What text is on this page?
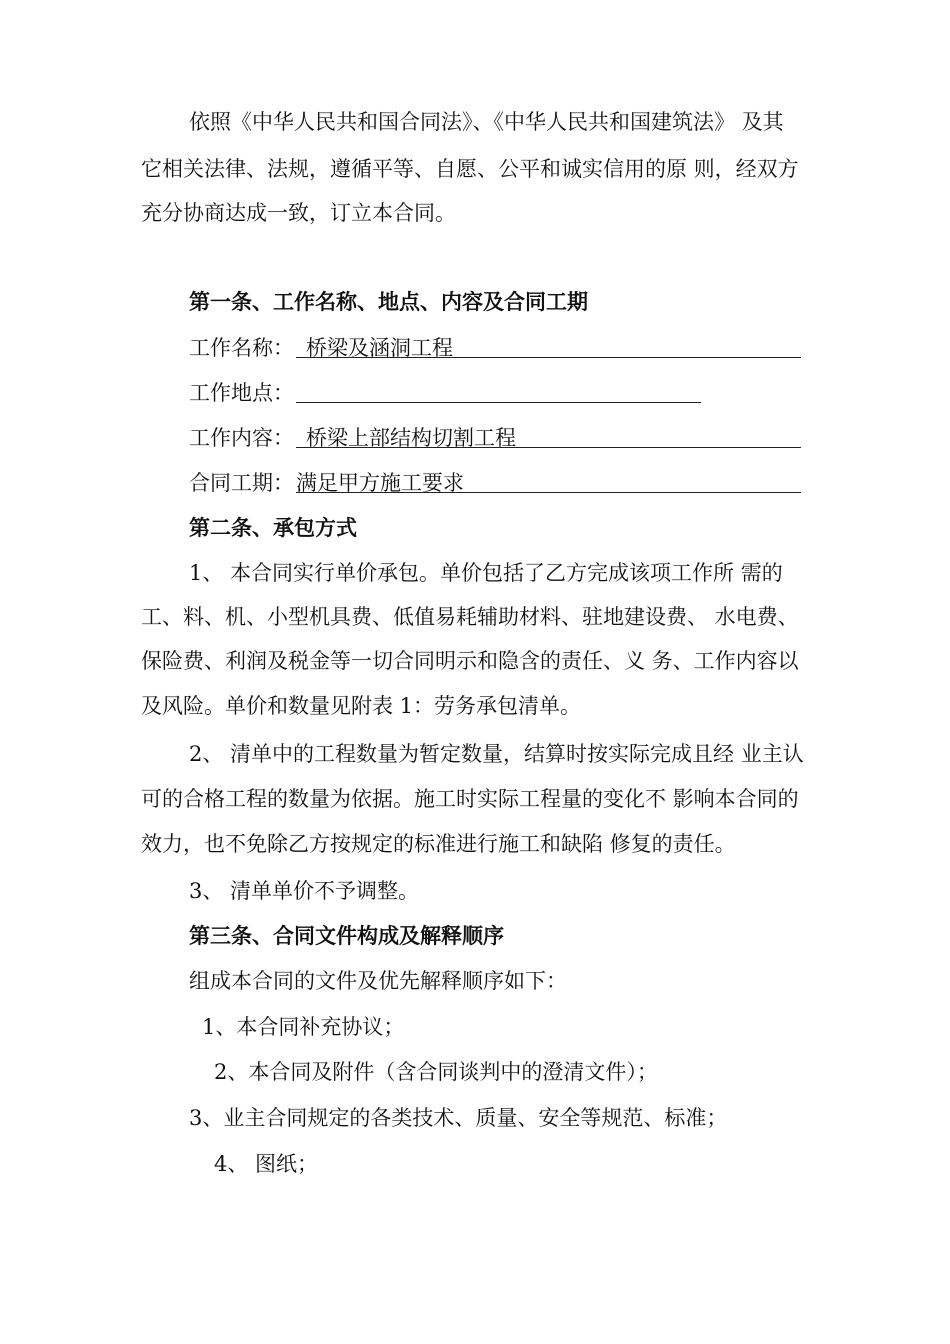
依照《中华人民共和国合同法》、《中华人民共和国建筑法》 及其
它相关法律、法规，遵循平等、自愿、公平和诚实信用的原 则，经双方
充分协商达成一致，订立本合同。
第一条、工作名称、地点、内容及合同工期
工作名称： 桥梁及涵洞工程
工作地点：
工作内容： 桥梁上部结构切割工程
合同工期： 满足甲方施工要求
第二条、承包方式
1、 本合同实行单价承包。单价包括了乙方完成该项工作所 需的
工、料、机、小型机具费、低值易耗辅助材料、驻地建设费、 水电费、
保险费、利润及税金等一切合同明示和隐含的责任、义 务、工作内容以
及风险。单价和数量见附表 1：劳务承包清单。
2、 清单中的工程数量为暂定数量，结算时按实际完成且经 业主认
可的合格工程的数量为依据。施工时实际工程量的变化不 影响本合同的
效力，也不免除乙方按规定的标准进行施工和缺陷 修复的责任。
3、 清单单价不予调整。
第三条、合同文件构成及解释顺序
组成本合同的文件及优先解释顺序如下：
1、本合同补充协议；
2、本合同及附件（含合同谈判中的澄清文件）；
3、业主合同规定的各类技术、质量、安全等规范、标准；
4、 图纸；
